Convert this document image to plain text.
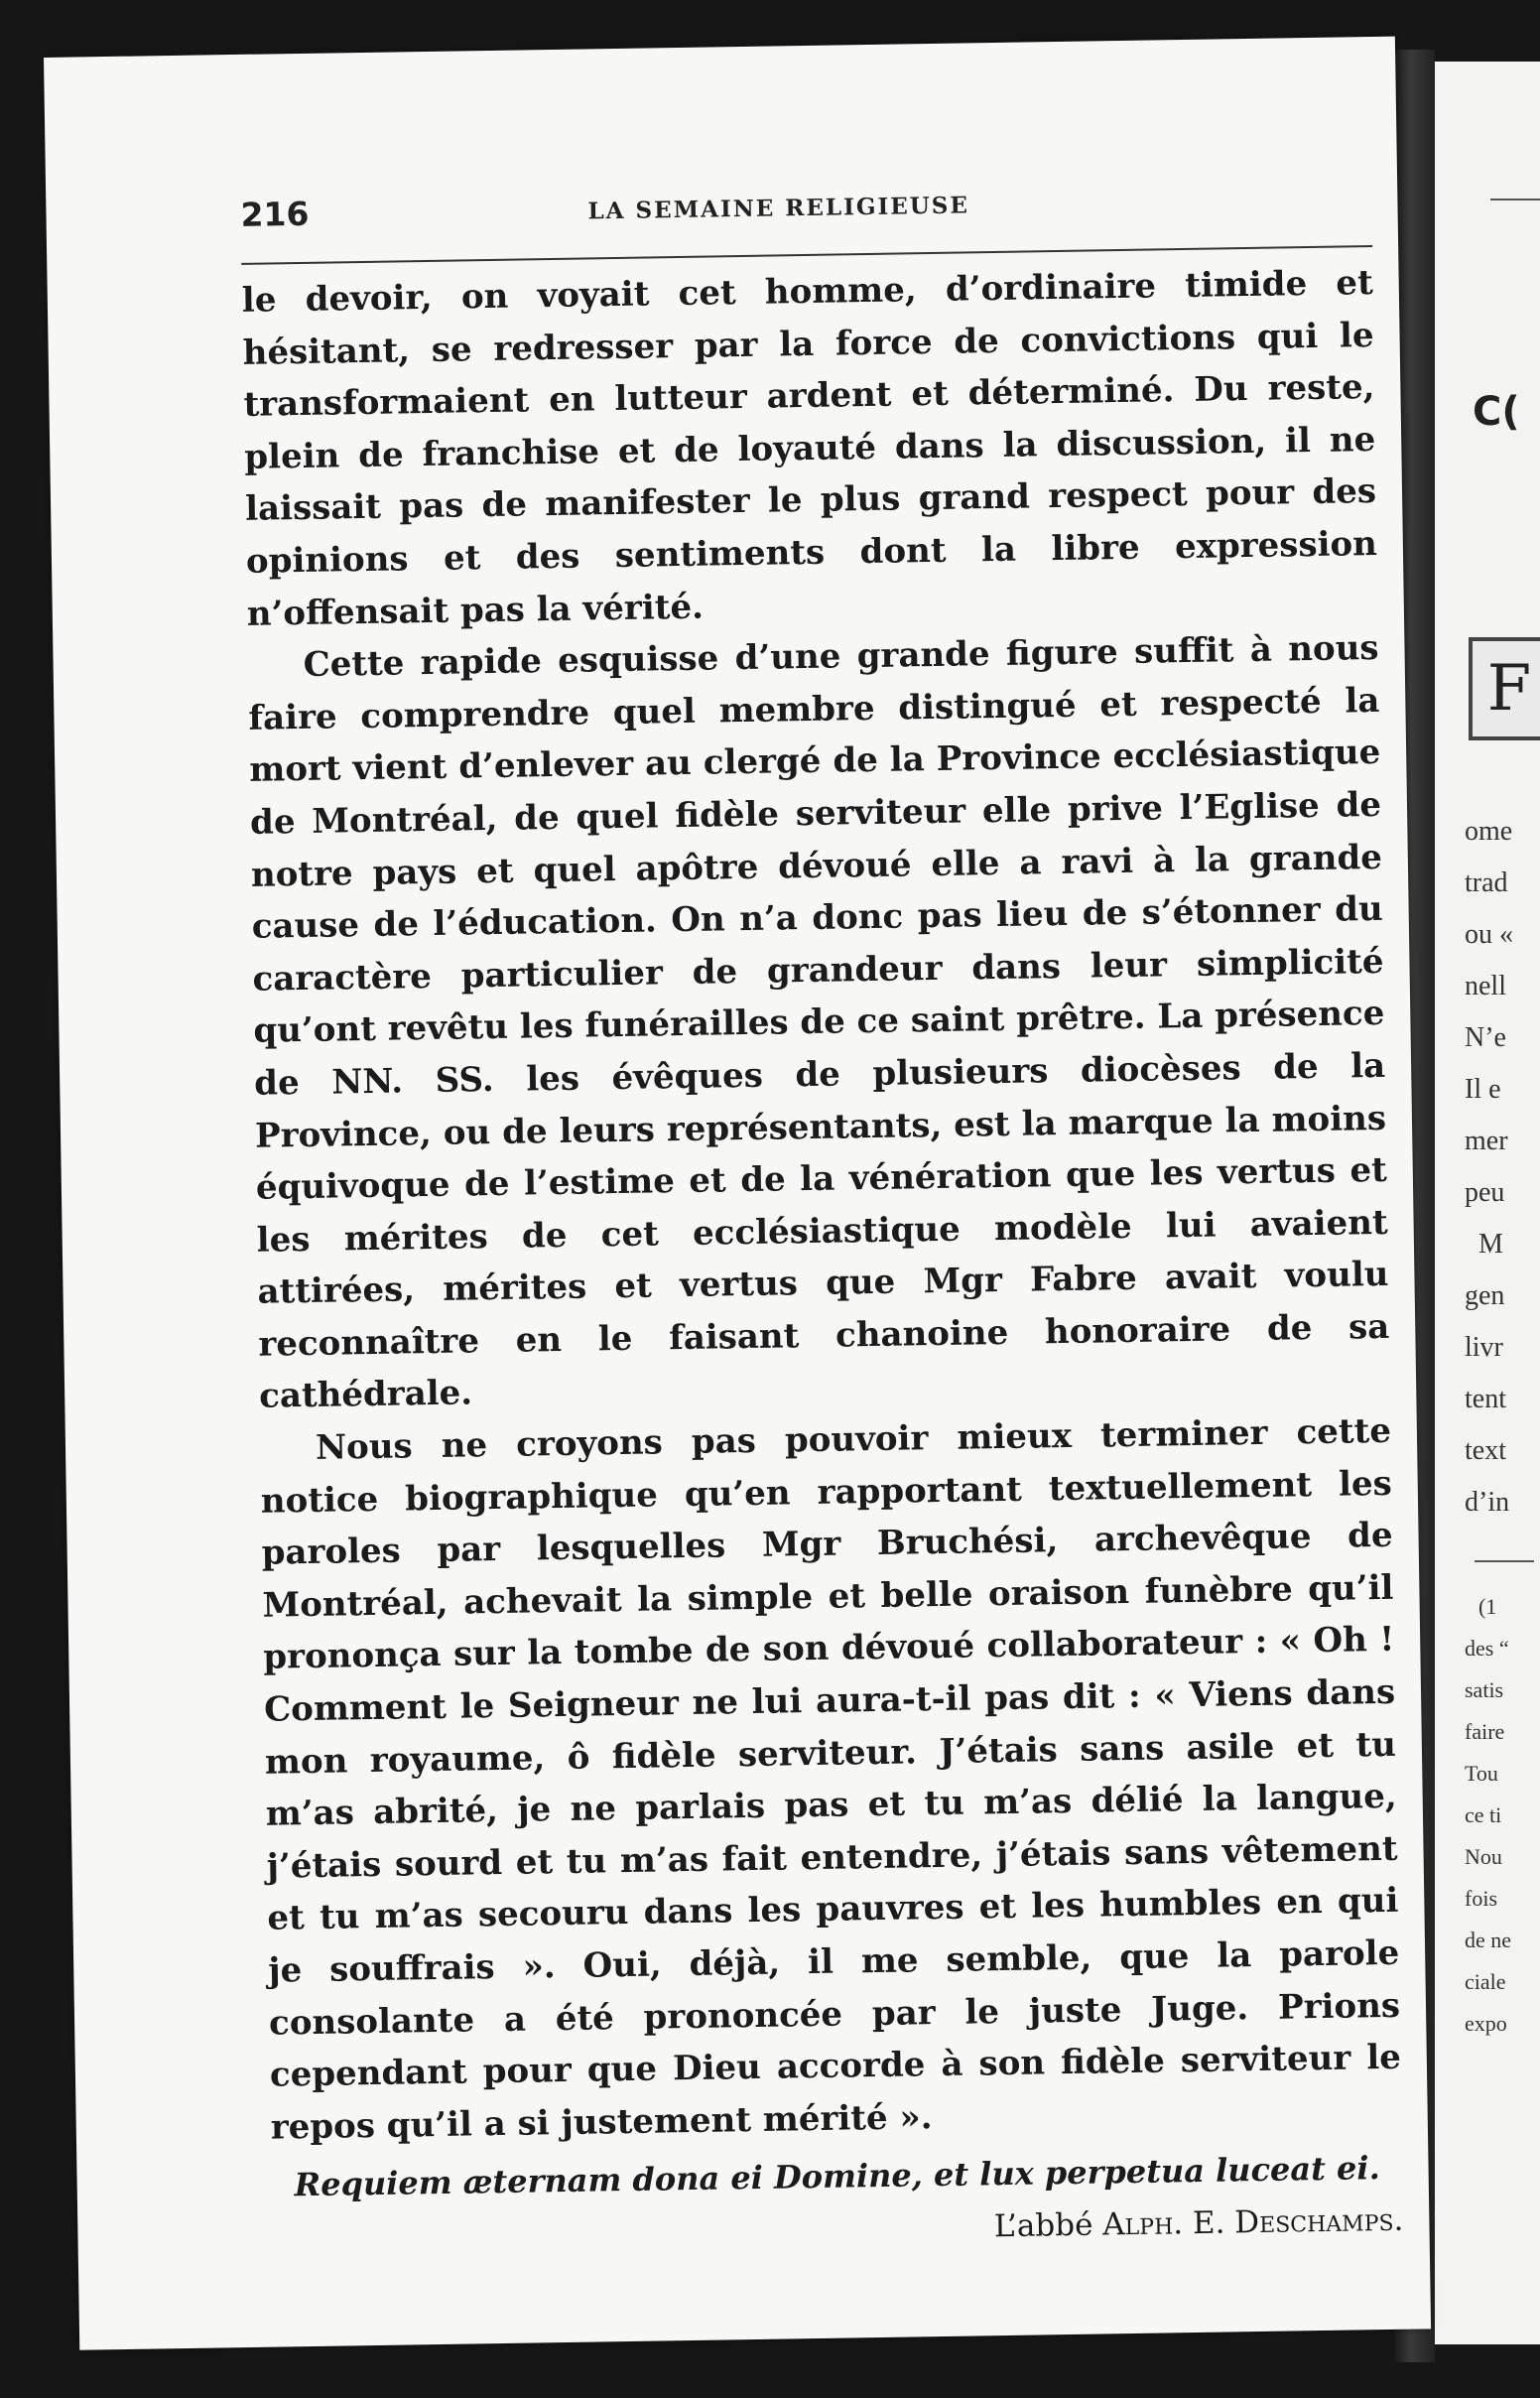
C(
F
ome
trad
ou «
nell
N’e
Il e
mer
peu
M
gen
livr
tent
text
d’in
(1
des “
satis
faire
Tou
ce ti
Nou
fois
de ne
ciale
expo
216	LA SEMAINE RELIGIEUSE

le devoir, on voyait cet homme, d’ordinaire timide et hésitant, se redresser par la force de convictions qui le transformaient en lutteur ardent et déterminé. Du reste, plein de franchise et de loyauté dans la discussion, il ne laissait pas de manifester le plus grand respect pour des opinions et des sentiments dont la libre expression n’offensait pas la vérité.

Cette rapide esquisse d’une grande figure suffit à nous faire comprendre quel membre distingué et respecté la mort vient d’enlever au clergé de la Province ecclésiastique de Montréal, de quel fidèle serviteur elle prive l’Eglise de notre pays et quel apôtre dévoué elle a ravi à la grande cause de l’éducation. On n’a donc pas lieu de s’étonner du caractère particulier de grandeur dans leur simplicité qu’ont revêtu les funérailles de ce saint prêtre. La présence de NN. SS. les évêques de plusieurs diocèses de la Province, ou de leurs représentants, est la marque la moins équivoque de l’estime et de la vénération que les vertus et les mérites de cet ecclésiastique modèle lui avaient attirées, mérites et vertus que Mgr Fabre avait voulu reconnaître en le faisant chanoine honoraire de sa cathédrale.

Nous ne croyons pas pouvoir mieux terminer cette notice biographique qu’en rapportant textuellement les paroles par lesquelles Mgr Bruchési, archevêque de Montréal, achevait la simple et belle oraison funèbre qu’il prononça sur la tombe de son dévoué collaborateur : « Oh ! Comment le Seigneur ne lui aura-t-il pas dit : « Viens dans mon royaume, ô fidèle serviteur. J’étais sans asile et tu m’as abrité, je ne parlais pas et tu m’as délié la langue, j’étais sourd et tu m’as fait entendre, j’étais sans vêtement et tu m’as secouru dans les pauvres et les humbles en qui je souffrais ». Oui, déjà, il me semble, que la parole consolante a été prononcée par le juste Juge. Prions cependant pour que Dieu accorde à son fidèle serviteur le repos qu’il a si justement mérité ».

Requiem æternam dona ei Domine, et lux perpetua luceat ei.

L’abbé Alph. E. Deschamps.
